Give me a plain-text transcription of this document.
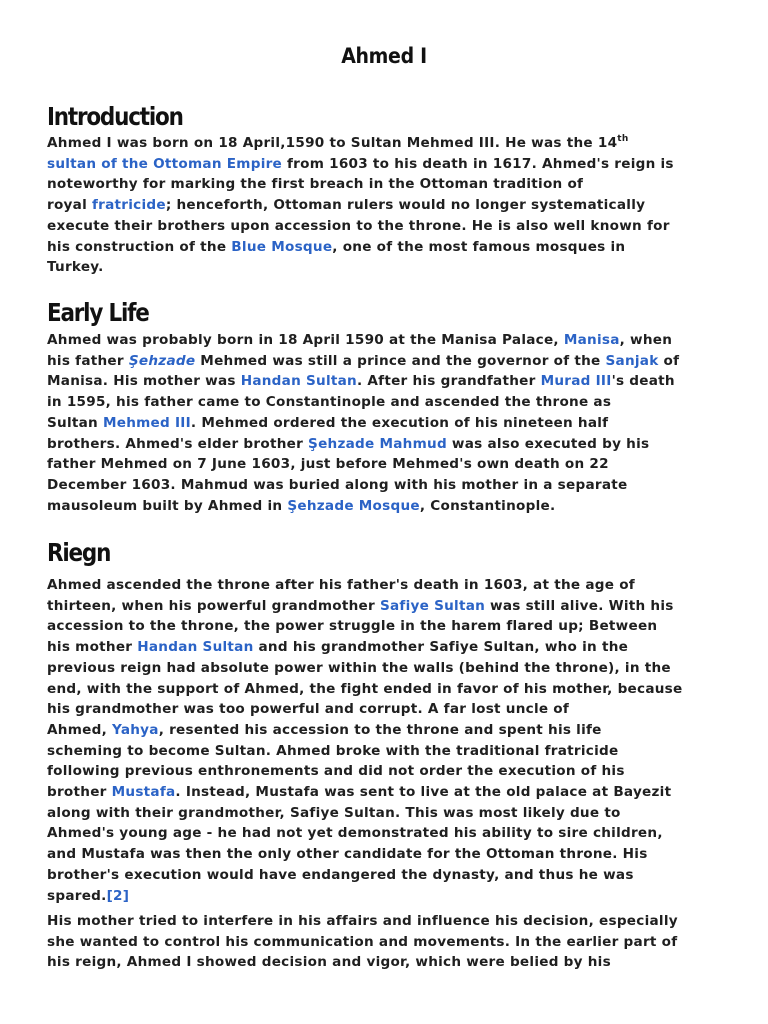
Ahmed I
Introduction
Ahmed I was born on 18 April,1590 to Sultan Mehmed III. He was the 14th
sultan of the Ottoman Empire from 1603 to his death in 1617. Ahmed's reign is
noteworthy for marking the first breach in the Ottoman tradition of
royal fratricide; henceforth, Ottoman rulers would no longer systematically
execute their brothers upon accession to the throne. He is also well known for
his construction of the Blue Mosque, one of the most famous mosques in
Turkey.
Early Life
Ahmed was probably born in 18 April 1590 at the Manisa Palace, Manisa, when
his father Şehzade Mehmed was still a prince and the governor of the Sanjak of
Manisa. His mother was Handan Sultan. After his grandfather Murad III's death
in 1595, his father came to Constantinople and ascended the throne as
Sultan Mehmed III. Mehmed ordered the execution of his nineteen half
brothers. Ahmed's elder brother Şehzade Mahmud was also executed by his
father Mehmed on 7 June 1603, just before Mehmed's own death on 22
December 1603. Mahmud was buried along with his mother in a separate
mausoleum built by Ahmed in Şehzade Mosque, Constantinople.
Riegn
Ahmed ascended the throne after his father's death in 1603, at the age of
thirteen, when his powerful grandmother Safiye Sultan was still alive. With his
accession to the throne, the power struggle in the harem flared up; Between
his mother Handan Sultan and his grandmother Safiye Sultan, who in the
previous reign had absolute power within the walls (behind the throne), in the
end, with the support of Ahmed, the fight ended in favor of his mother, because
his grandmother was too powerful and corrupt. A far lost uncle of
Ahmed, Yahya, resented his accession to the throne and spent his life
scheming to become Sultan. Ahmed broke with the traditional fratricide
following previous enthronements and did not order the execution of his
brother Mustafa. Instead, Mustafa was sent to live at the old palace at Bayezit
along with their grandmother, Safiye Sultan. This was most likely due to
Ahmed's young age - he had not yet demonstrated his ability to sire children,
and Mustafa was then the only other candidate for the Ottoman throne. His
brother's execution would have endangered the dynasty, and thus he was
spared.[2]
His mother tried to interfere in his affairs and influence his decision, especially
she wanted to control his communication and movements. In the earlier part of
his reign, Ahmed I showed decision and vigor, which were belied by his
